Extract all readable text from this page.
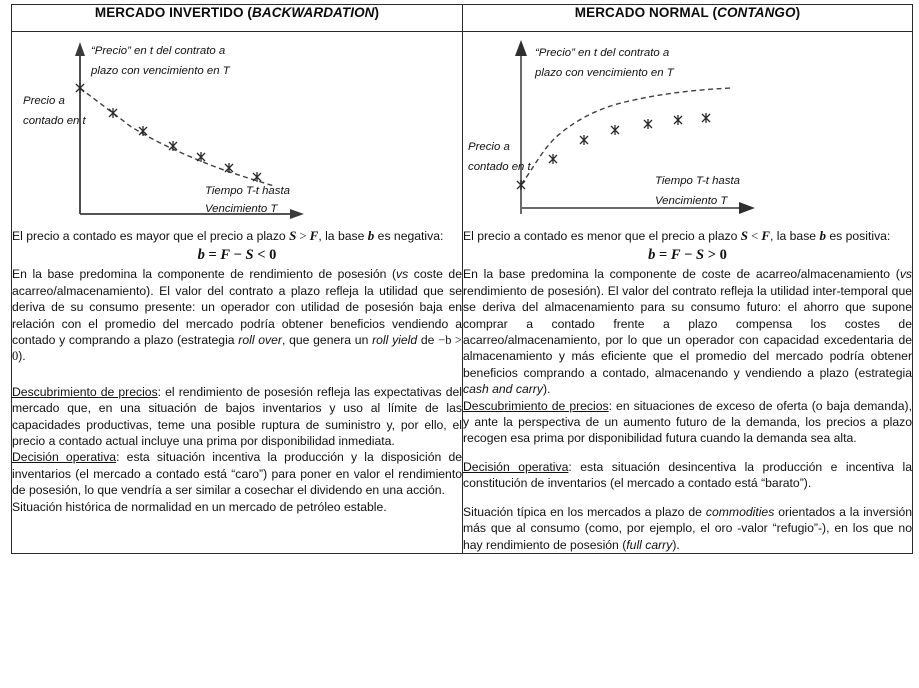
MERCADO INVERTIDO (BACKWARDATION)	MERCADO NORMAL (CONTANGO)

“Precio” en t del contrato a
plazo con vencimiento en T
Precio a
contado en t
Tiempo T-t hasta
Vencimiento T

El precio a contado es mayor que el precio a plazo S > F, la base b es negativa:

b = F − S < 0

En la base predomina la componente de rendimiento de posesión (vs coste de acarreo/almacenamiento). El valor del contrato a plazo refleja la utilidad que se deriva de su consumo presente: un operador con utilidad de posesión baja en relación con el promedio del mercado podría obtener beneficios vendiendo a contado y comprando a plazo (estrategia roll over, que genera un roll yield de −b > 0).

Descubrimiento de precios: el rendimiento de posesión refleja las expectativas del mercado que, en una situación de bajos inventarios y uso al límite de las capacidades productivas, teme una posible ruptura de suministro y, por ello, el precio a contado actual incluye una prima por disponibilidad inmediata.

Decisión operativa: esta situación incentiva la producción y la disposición de inventarios (el mercado a contado está “caro”) para poner en valor el rendimiento de posesión, lo que vendría a ser similar a cosechar el dividendo en una acción.

Situación histórica de normalidad en un mercado de petróleo estable.

“Precio” en t del contrato a
plazo con vencimiento en T
Precio a
contado en t
Tiempo T-t hasta
Vencimiento T

El precio a contado es menor que el precio a plazo S < F, la base b es positiva:

b = F − S > 0

En la base predomina la componente de coste de acarreo/almacenamiento (vs rendimiento de posesión). El valor del contrato refleja la utilidad inter-temporal que se deriva del almacenamiento para su consumo futuro: el ahorro que supone comprar a contado frente a plazo compensa los costes de acarreo/almacenamiento, por lo que un operador con capacidad excedentaria de almacenamiento y más eficiente que el promedio del mercado podría obtener beneficios comprando a contado, almacenando y vendiendo a plazo (estrategia cash and carry).

Descubrimiento de precios: en situaciones de exceso de oferta (o baja demanda), y ante la perspectiva de un aumento futuro de la demanda, los precios a plazo recogen esa prima por disponibilidad futura cuando la demanda sea alta.

Decisión operativa: esta situación desincentiva la producción e incentiva la constitución de inventarios (el mercado a contado está “barato”).

Situación típica en los mercados a plazo de commodities orientados a la inversión más que al consumo (como, por ejemplo, el oro -valor “refugio”-), en los que no hay rendimiento de posesión (full carry).
